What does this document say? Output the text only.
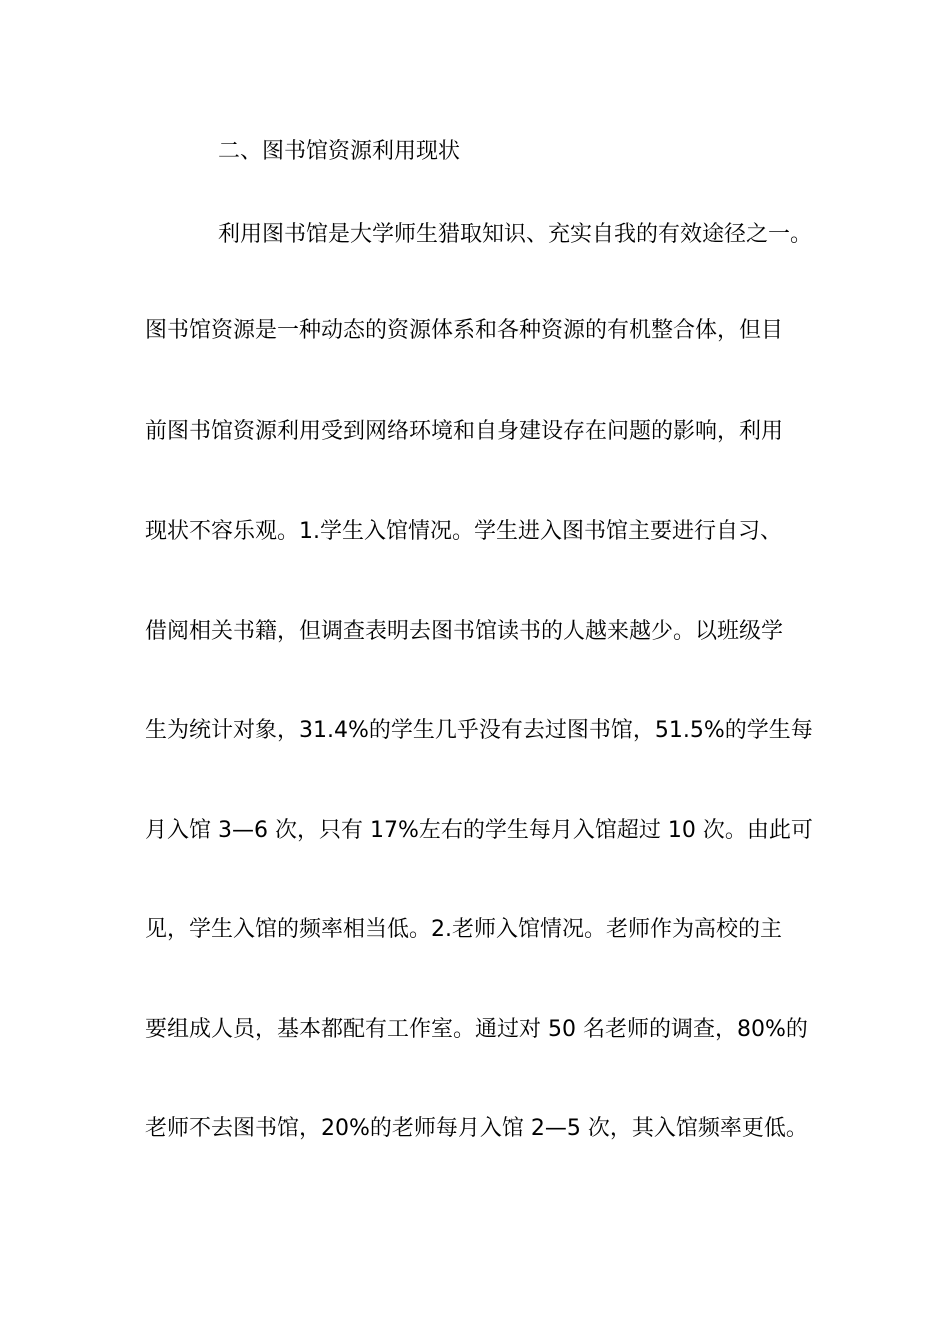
二、图书馆资源利用现状
利用图书馆是大学师生猎取知识、充实自我的有效途径之一。
图书馆资源是一种动态的资源体系和各种资源的有机整合体，但目
前图书馆资源利用受到网络环境和自身建设存在问题的影响，利用
现状不容乐观。1.学生入馆情况。学生进入图书馆主要进行自习、
借阅相关书籍，但调查表明去图书馆读书的人越来越少。以班级学
生为统计对象，31.4%的学生几乎没有去过图书馆，51.5%的学生每
月入馆 3—6 次，只有 17%左右的学生每月入馆超过 10 次。由此可
见，学生入馆的频率相当低。2.老师入馆情况。老师作为高校的主
要组成人员，基本都配有工作室。通过对 50 名老师的调查，80%的
老师不去图书馆，20%的老师每月入馆 2—5 次，其入馆频率更低。
